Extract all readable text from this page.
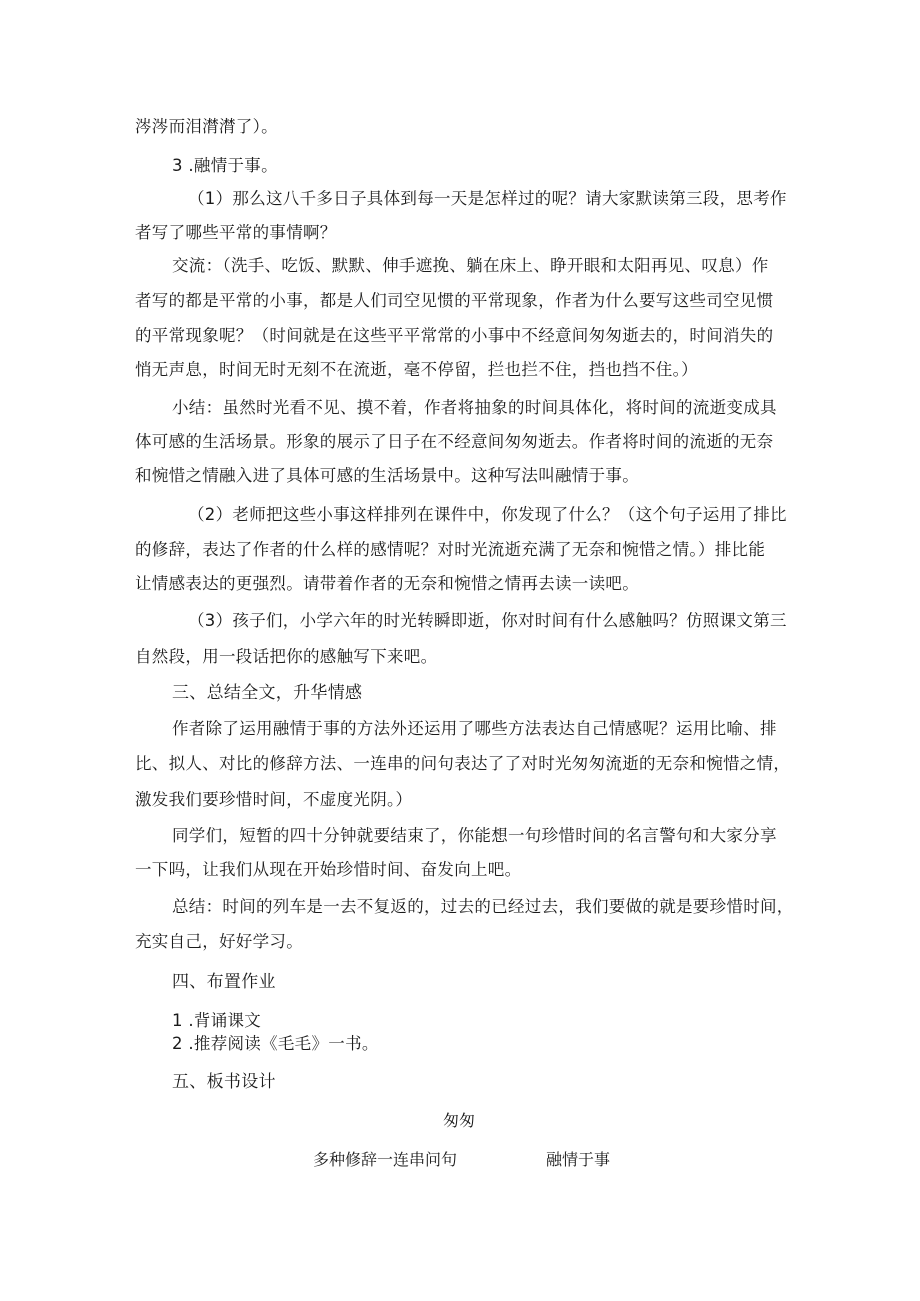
涔涔而泪潸潸了）。
3 .融情于事。
（1）那么这八千多日子具体到每一天是怎样过的呢？请大家默读第三段，思考作
者写了哪些平常的事情啊？
交流：（洗手、吃饭、默默、伸手遮挽、躺在床上、睁开眼和太阳再见、叹息）作
者写的都是平常的小事，都是人们司空见惯的平常现象，作者为什么要写这些司空见惯
的平常现象呢？（时间就是在这些平平常常的小事中不经意间匆匆逝去的，时间消失的
悄无声息，时间无时无刻不在流逝，毫不停留，拦也拦不住，挡也挡不住。）
小结：虽然时光看不见、摸不着，作者将抽象的时间具体化，将时间的流逝变成具
体可感的生活场景。形象的展示了日子在不经意间匆匆逝去。作者将时间的流逝的无奈
和惋惜之情融入进了具体可感的生活场景中。这种写法叫融情于事。
（2）老师把这些小事这样排列在课件中，你发现了什么？（这个句子运用了排比
的修辞，表达了作者的什么样的感情呢？对时光流逝充满了无奈和惋惜之情。）排比能
让情感表达的更强烈。请带着作者的无奈和惋惜之情再去读一读吧。
（3）孩子们，小学六年的时光转瞬即逝，你对时间有什么感触吗？仿照课文第三
自然段，用一段话把你的感触写下来吧。
三、总结全文，升华情感
作者除了运用融情于事的方法外还运用了哪些方法表达自己情感呢？运用比喻、排
比、拟人、对比的修辞方法、一连串的问句表达了了对时光匆匆流逝的无奈和惋惜之情，
激发我们要珍惜时间，不虚度光阴。）
同学们，短暂的四十分钟就要结束了，你能想一句珍惜时间的名言警句和大家分享
一下吗，让我们从现在开始珍惜时间、奋发向上吧。
总结：时间的列车是一去不复返的，过去的已经过去，我们要做的就是要珍惜时间，
充实自己，好好学习。
四、布置作业
1 .背诵课文
2 .推荐阅读《毛毛》一书。
五、板书设计
匆匆
多种修辞一连串问句	融情于事
